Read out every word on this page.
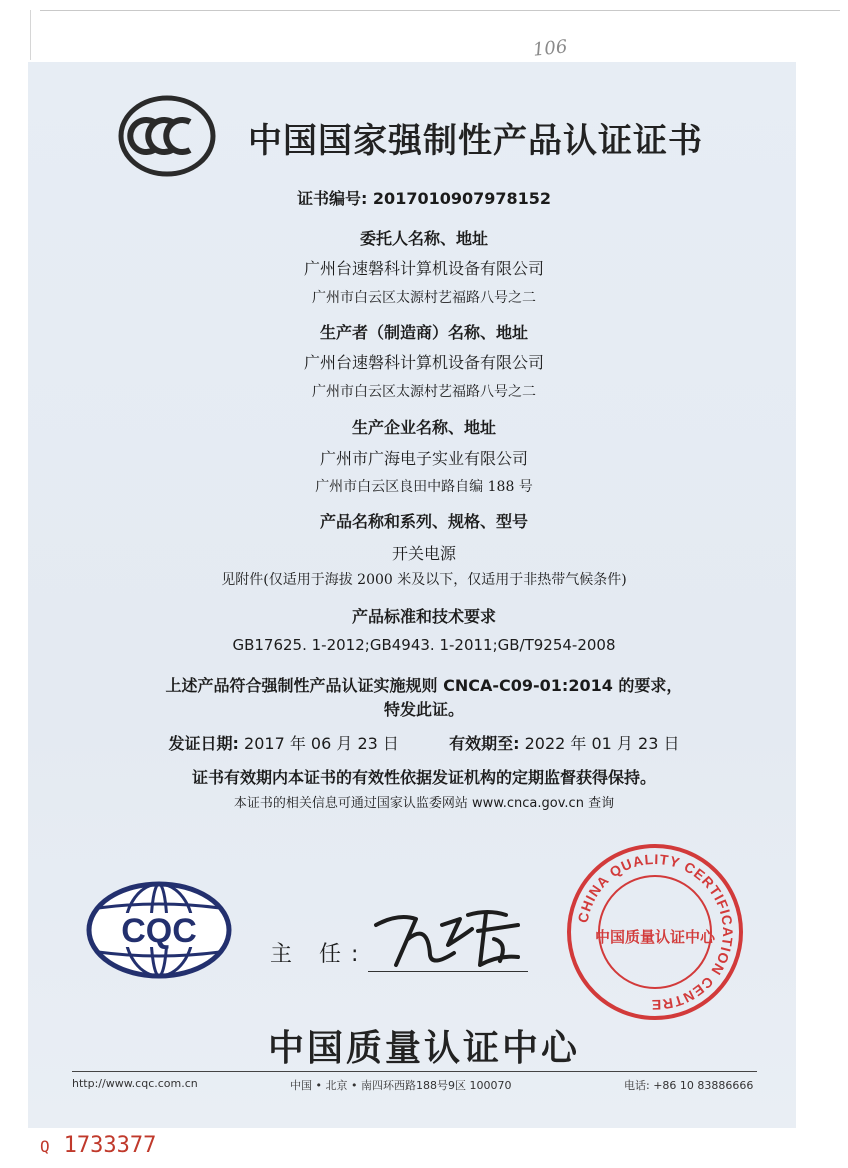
106
中国国家强制性产品认证证书
证书编号: 2017010907978152
委托人名称、地址
广州台速磐科计算机设备有限公司
广州市白云区太源村艺福路八号之二
生产者（制造商）名称、地址
广州台速磐科计算机设备有限公司
广州市白云区太源村艺福路八号之二
生产企业名称、地址
广州市广海电子实业有限公司
广州市白云区良田中路自编 188 号
产品名称和系列、规格、型号
开关电源
见附件(仅适用于海拔 2000 米及以下，仅适用于非热带气候条件)
产品标准和技术要求
GB17625. 1-2012;GB4943. 1-2011;GB/T9254-2008
上述产品符合强制性产品认证实施规则 CNCA-C09-01:2014 的要求，
特发此证。
发证日期: 2017 年 06 月 23 日	有效期至: 2022 年 01 月 23 日
证书有效期内本证书的有效性依据发证机构的定期监督获得保持。
本证书的相关信息可通过国家认监委网站 www.cnca.gov.cn 查询
CQC
主 任:
CHINA QUALITY CERTIFICATION CENTRE
中国质量认证中心
中国质量认证中心
http://www.cqc.com.cn	中国 • 北京 • 南四环西路188号9区 100070	电话: +86 10 83886666
Q 1733377
